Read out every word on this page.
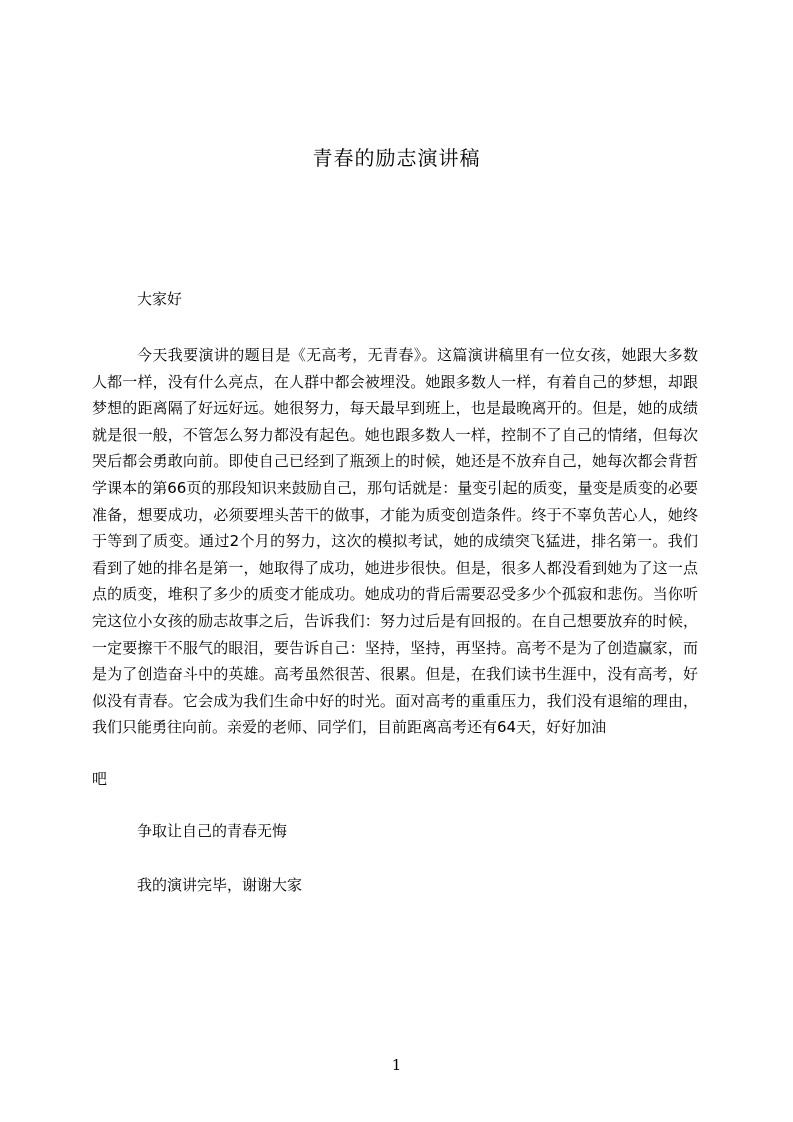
青春的励志演讲稿
大家好
今天我要演讲的题目是《无高考，无青春》。这篇演讲稿里有一位女孩，她跟大多数人都一样，没有什么亮点，在人群中都会被埋没。她跟多数人一样，有着自己的梦想，却跟梦想的距离隔了好远好远。她很努力，每天最早到班上，也是最晚离开的。但是，她的成绩就是很一般，不管怎么努力都没有起色。她也跟多数人一样，控制不了自己的情绪，但每次哭后都会勇敢向前。即使自己已经到了瓶颈上的时候，她还是不放弃自己，她每次都会背哲学课本的第66页的那段知识来鼓励自己，那句话就是：量变引起的质变，量变是质变的必要准备，想要成功，必须要埋头苦干的做事，才能为质变创造条件。终于不辜负苦心人，她终于等到了质变。通过2个月的努力，这次的模拟考试，她的成绩突飞猛进，排名第一。我们看到了她的排名是第一，她取得了成功，她进步很快。但是，很多人都没看到她为了这一点点的质变，堆积了多少的质变才能成功。她成功的背后需要忍受多少个孤寂和悲伤。当你听完这位小女孩的励志故事之后，告诉我们：努力过后是有回报的。在自己想要放弃的时候，一定要擦干不服气的眼泪，要告诉自己：坚持，坚持，再坚持。高考不是为了创造赢家，而是为了创造奋斗中的英雄。高考虽然很苦、很累。但是，在我们读书生涯中，没有高考，好似没有青春。它会成为我们生命中好的时光。面对高考的重重压力，我们没有退缩的理由，我们只能勇往向前。亲爱的老师、同学们，目前距离高考还有64天，好好加油
吧
争取让自己的青春无悔
我的演讲完毕，谢谢大家
1
